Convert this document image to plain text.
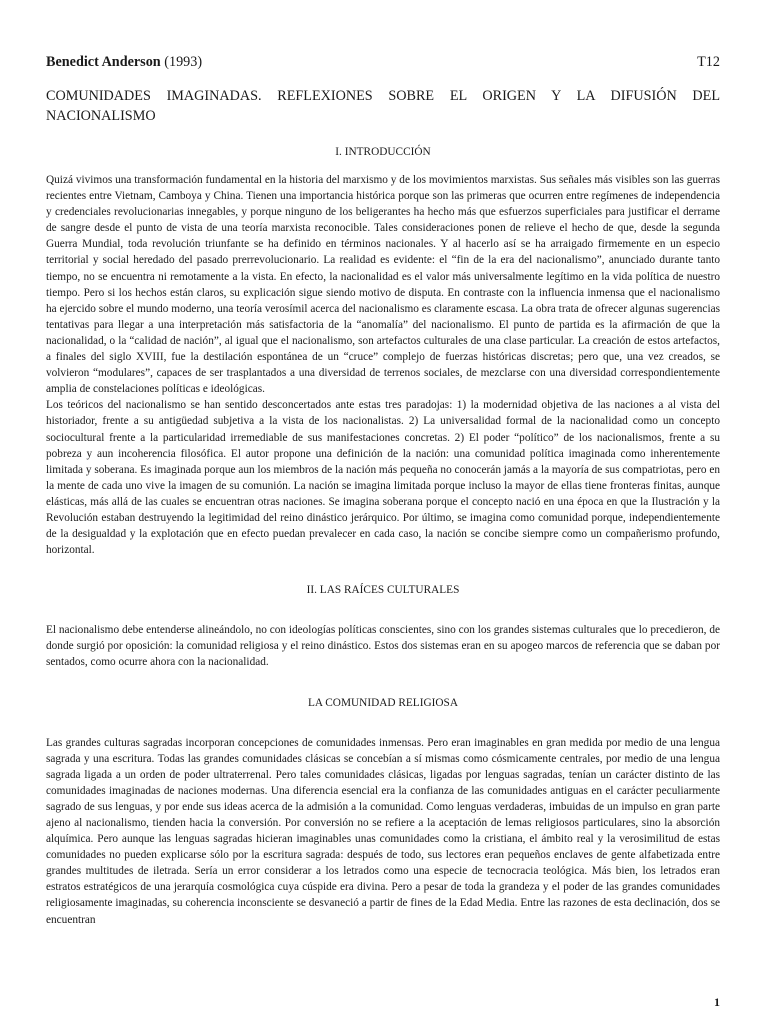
Benedict Anderson (1993)	T12
COMUNIDADES IMAGINADAS. REFLEXIONES SOBRE EL ORIGEN Y LA DIFUSIÓN DEL NACIONALISMO
I. INTRODUCCIÓN

Quizá vivimos una transformación fundamental en la historia del marxismo y de los movimientos marxistas. Sus señales más visibles son las guerras recientes entre Vietnam, Camboya y China. Tienen una importancia histórica porque son las primeras que ocurren entre regímenes de independencia y credenciales revolucionarias innegables, y porque ninguno de los beligerantes ha hecho más que esfuerzos superficiales para justificar el derrame de sangre desde el punto de vista de una teoría marxista reconocible. Tales consideraciones ponen de relieve el hecho de que, desde la segunda Guerra Mundial, toda revolución triunfante se ha definido en términos nacionales. Y al hacerlo así se ha arraigado firmemente en un especio territorial y social heredado del pasado prerrevolucionario. La realidad es evidente: el “fin de la era del nacionalismo”, anunciado durante tanto tiempo, no se encuentra ni remotamente a la vista. En efecto, la nacionalidad es el valor más universalmente legítimo en la vida política de nuestro tiempo. Pero si los hechos están claros, su explicación sigue siendo motivo de disputa. En contraste con la influencia inmensa que el nacionalismo ha ejercido sobre el mundo moderno, una teoría verosímil acerca del nacionalismo es claramente escasa. La obra trata de ofrecer algunas sugerencias tentativas para llegar a una interpretación más satisfactoria de la “anomalía” del nacionalismo. El punto de partida es la afirmación de que la nacionalidad, o la “calidad de nación”, al igual que el nacionalismo, son artefactos culturales de una clase particular. La creación de estos artefactos, a finales del siglo XVIII, fue la destilación espontánea de un “cruce” complejo de fuerzas históricas discretas; pero que, una vez creados, se volvieron “modulares”, capaces de ser trasplantados a una diversidad de terrenos sociales, de mezclarse con una diversidad correspondientemente amplia de constelaciones políticas e ideológicas.

Los teóricos del nacionalismo se han sentido desconcertados ante estas tres paradojas: 1) la modernidad objetiva de las naciones a al vista del historiador, frente a su antigüedad subjetiva a la vista de los nacionalistas. 2) La universalidad formal de la nacionalidad como un concepto sociocultural frente a la particularidad irremediable de sus manifestaciones concretas. 2) El poder “político” de los nacionalismos, frente a su pobreza y aun incoherencia filosófica. El autor propone una definición de la nación: una comunidad política imaginada como inherentemente limitada y soberana. Es imaginada porque aun los miembros de la nación más pequeña no conocerán jamás a la mayoría de sus compatriotas, pero en la mente de cada uno vive la imagen de su comunión. La nación se imagina limitada porque incluso la mayor de ellas tiene fronteras finitas, aunque elásticas, más allá de las cuales se encuentran otras naciones. Se imagina soberana porque el concepto nació en una época en que la Ilustración y la Revolución estaban destruyendo la legitimidad del reino dinástico jerárquico. Por último, se imagina como comunidad porque, independientemente de la desigualdad y la explotación que en efecto puedan prevalecer en cada caso, la nación se concibe siempre como un compañerismo profundo, horizontal.

II. LAS RAÍCES CULTURALES

El nacionalismo debe entenderse alineándolo, no con ideologías políticas conscientes, sino con los grandes sistemas culturales que lo precedieron, de donde surgió por oposición: la comunidad religiosa y el reino dinástico. Estos dos sistemas eran en su apogeo marcos de referencia que se daban por sentados, como ocurre ahora con la nacionalidad.

LA COMUNIDAD RELIGIOSA

Las grandes culturas sagradas incorporan concepciones de comunidades inmensas. Pero eran imaginables en gran medida por medio de una lengua sagrada y una escritura. Todas las grandes comunidades clásicas se concebían a sí mismas como cósmicamente centrales, por medio de una lengua sagrada ligada a un orden de poder ultraterrenal. Pero tales comunidades clásicas, ligadas por lenguas sagradas, tenían un carácter distinto de las comunidades imaginadas de naciones modernas. Una diferencia esencial era la confianza de las comunidades antiguas en el carácter peculiarmente sagrado de sus lenguas, y por ende sus ideas acerca de la admisión a la comunidad. Como lenguas verdaderas, imbuidas de un impulso en gran parte ajeno al nacionalismo, tienden hacia la conversión. Por conversión no se refiere a la aceptación de lemas religiosos particulares, sino la absorción alquímica. Pero aunque las lenguas sagradas hicieran imaginables unas comunidades como la cristiana, el ámbito real y la verosimilitud de estas comunidades no pueden explicarse sólo por la escritura sagrada: después de todo, sus lectores eran pequeños enclaves de gente alfabetizada entre grandes multitudes de iletrada. Sería un error considerar a los letrados como una especie de tecnocracia teológica. Más bien, los letrados eran estratos estratégicos de una jerarquía cosmológica cuya cúspide era divina. Pero a pesar de toda la grandeza y el poder de las grandes comunidades religiosamente imaginadas, su coherencia inconsciente se desvaneció a partir de fines de la Edad Media. Entre las razones de esta declinación, dos se encuentran

1
